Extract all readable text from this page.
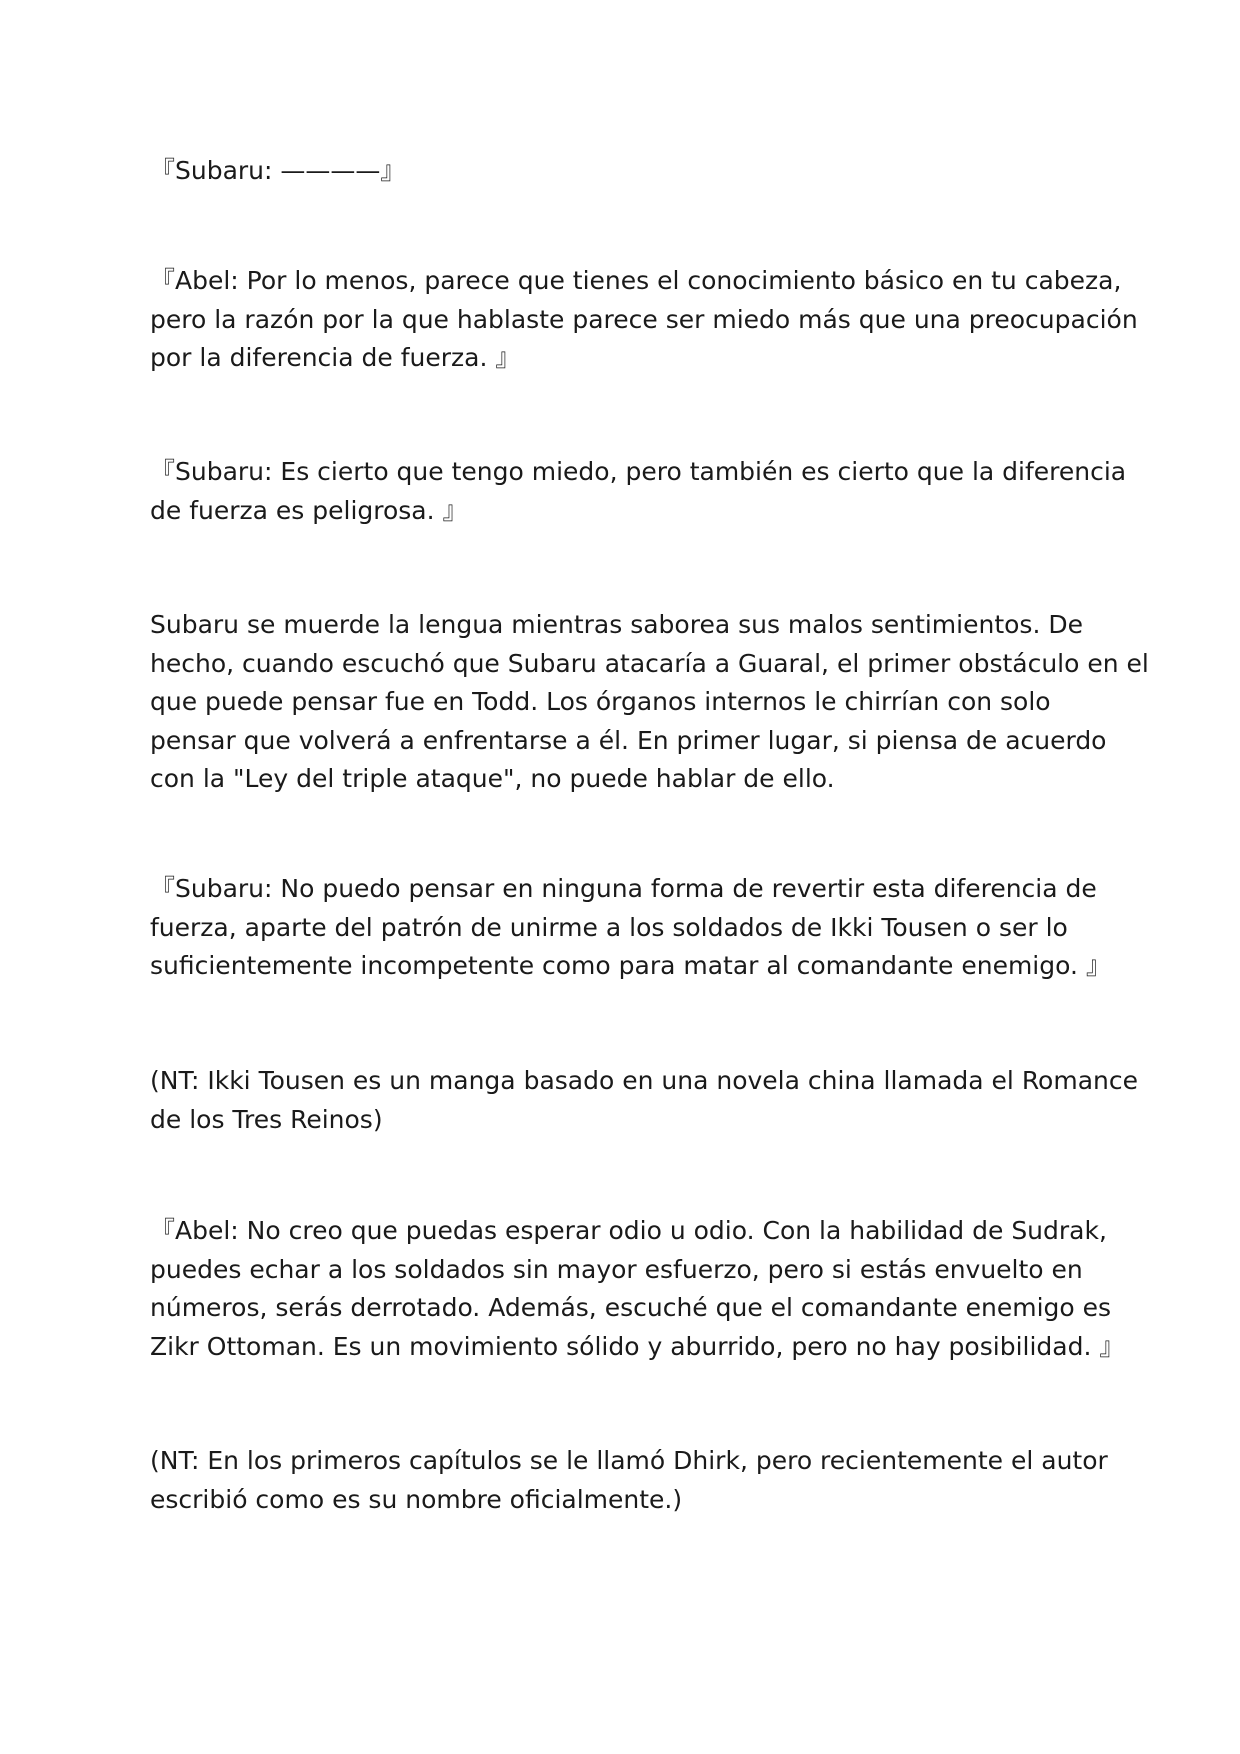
『Subaru: ————』

『Abel: Por lo menos, parece que tienes el conocimiento básico en tu cabeza,
pero la razón por la que hablaste parece ser miedo más que una preocupación
por la diferencia de fuerza. 』

『Subaru: Es cierto que tengo miedo, pero también es cierto que la diferencia
de fuerza es peligrosa. 』

Subaru se muerde la lengua mientras saborea sus malos sentimientos. De
hecho, cuando escuchó que Subaru atacaría a Guaral, el primer obstáculo en el
que puede pensar fue en Todd. Los órganos internos le chirrían con solo
pensar que volverá a enfrentarse a él. En primer lugar, si piensa de acuerdo
con la "Ley del triple ataque", no puede hablar de ello.

『Subaru: No puedo pensar en ninguna forma de revertir esta diferencia de
fuerza, aparte del patrón de unirme a los soldados de Ikki Tousen o ser lo
suficientemente incompetente como para matar al comandante enemigo. 』

(NT: Ikki Tousen es un manga basado en una novela china llamada el Romance
de los Tres Reinos)

『Abel: No creo que puedas esperar odio u odio. Con la habilidad de Sudrak,
puedes echar a los soldados sin mayor esfuerzo, pero si estás envuelto en
números, serás derrotado. Además, escuché que el comandante enemigo es
Zikr Ottoman. Es un movimiento sólido y aburrido, pero no hay posibilidad. 』

(NT: En los primeros capítulos se le llamó Dhirk, pero recientemente el autor
escribió como es su nombre oficialmente.)
